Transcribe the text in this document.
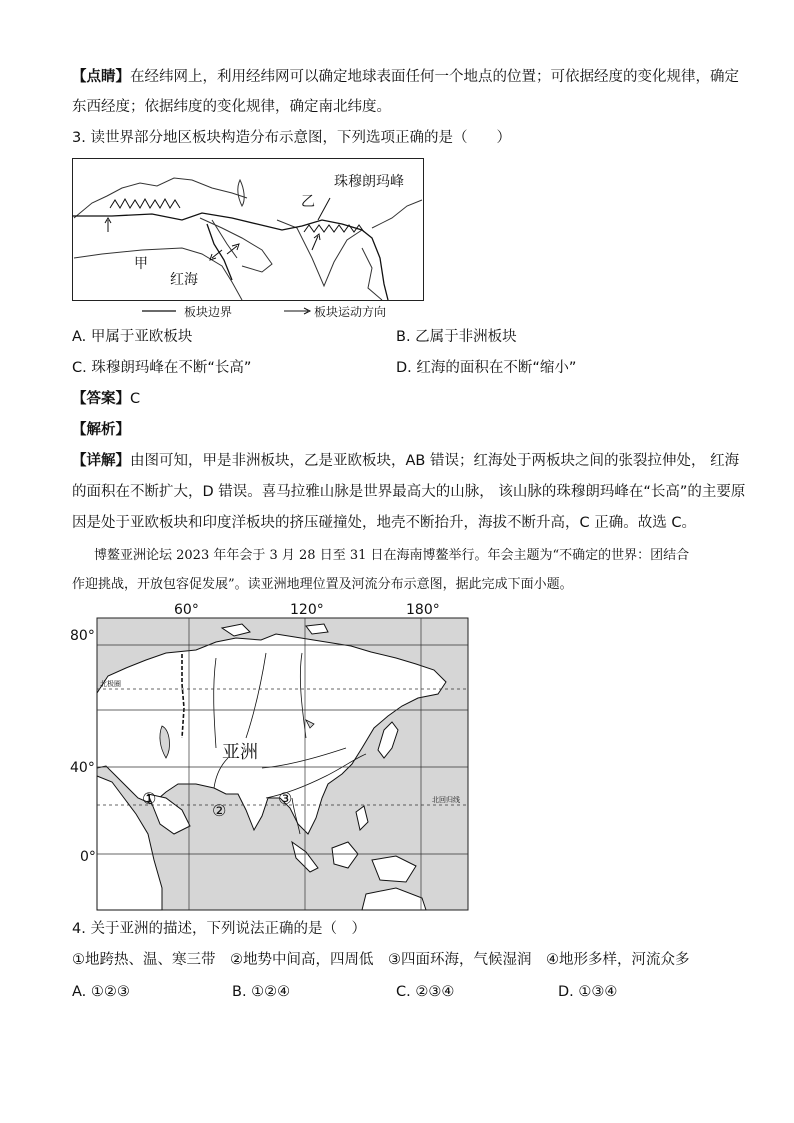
【点睛】在经纬网上，利用经纬网可以确定地球表面任何一个地点的位置；可依据经度的变化规律，确定
东西经度；依据纬度的变化规律，确定南北纬度。
3. 读世界部分地区板块构造分布示意图，下列选项正确的是（　　）
甲
乙
红海
珠穆朗玛峰
板块边界	板块运动方向
A. 甲属于亚欧板块	B. 乙属于非洲板块
C. 珠穆朗玛峰在不断“长高”	D. 红海的面积在不断“缩小”
【答案】C
【解析】
【详解】由图可知，甲是非洲板块，乙是亚欧板块，AB 错误；红海处于两板块之间的张裂拉伸处， 红海
的面积在不断扩大，D 错误。喜马拉雅山脉是世界最高大的山脉， 该山脉的珠穆朗玛峰在“长高”的主要原
因是处于亚欧板块和印度洋板块的挤压碰撞处，地壳不断抬升，海拔不断升高，C 正确。故选 C。
博鳌亚洲论坛 2023 年年会于 3 月 28 日至 31 日在海南博鳌举行。年会主题为“不确定的世界：团结合
作迎挑战，开放包容促发展”。读亚洲地理位置及河流分布示意图，据此完成下面小题。
60°	120°	180°
80°
40°
0°
北极圈
北回归线
亚洲
①
②
③
4. 关于亚洲的描述，下列说法正确的是（　）
①地跨热、温、寒三带　②地势中间高，四周低　③四面环海，气候湿润　④地形多样，河流众多
A. ①②③	B. ①②④	C. ②③④	D. ①③④
